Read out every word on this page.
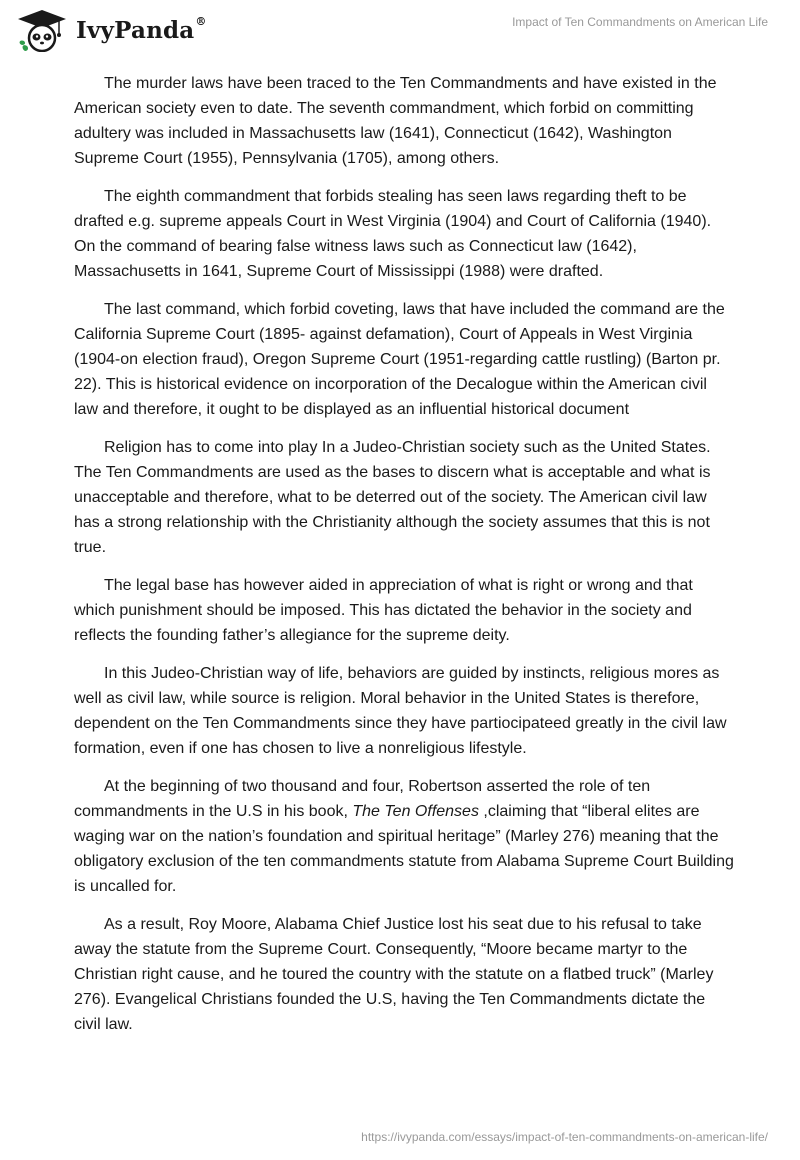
IvyPanda®	Impact of Ten Commandments on American Life

The murder laws have been traced to the Ten Commandments and have existed in the American society even to date. The seventh commandment, which forbid on committing adultery was included in Massachusetts law (1641), Connecticut (1642), Washington Supreme Court (1955), Pennsylvania (1705), among others.

The eighth commandment that forbids stealing has seen laws regarding theft to be drafted e.g. supreme appeals Court in West Virginia (1904) and Court of California (1940). On the command of bearing false witness laws such as Connecticut law (1642), Massachusetts in 1641, Supreme Court of Mississippi (1988) were drafted.

The last command, which forbid coveting, laws that have included the command are the California Supreme Court (1895- against defamation), Court of Appeals in West Virginia (1904-on election fraud), Oregon Supreme Court (1951-regarding cattle rustling) (Barton pr. 22). This is historical evidence on incorporation of the Decalogue within the American civil law and therefore, it ought to be displayed as an influential historical document

Religion has to come into play In a Judeo-Christian society such as the United States. The Ten Commandments are used as the bases to discern what is acceptable and what is unacceptable and therefore, what to be deterred out of the society. The American civil law has a strong relationship with the Christianity although the society assumes that this is not true.

The legal base has however aided in appreciation of what is right or wrong and that which punishment should be imposed. This has dictated the behavior in the society and reflects the founding father’s allegiance for the supreme deity.

In this Judeo-Christian way of life, behaviors are guided by instincts, religious mores as well as civil law, while source is religion. Moral behavior in the United States is therefore, dependent on the Ten Commandments since they have partiocipateed greatly in the civil law formation, even if one has chosen to live a nonreligious lifestyle.

At the beginning of two thousand and four, Robertson asserted the role of ten commandments in the U.S in his book, The Ten Offenses ,claiming that “liberal elites are waging war on the nation’s foundation and spiritual heritage” (Marley 276) meaning that the obligatory exclusion of the ten commandments statute from Alabama Supreme Court Building is uncalled for.

As a result, Roy Moore, Alabama Chief Justice lost his seat due to his refusal to take away the statute from the Supreme Court. Consequently, “Moore became martyr to the Christian right cause, and he toured the country with the statute on a flatbed truck” (Marley 276). Evangelical Christians founded the U.S, having the Ten Commandments dictate the civil law.

https://ivypanda.com/essays/impact-of-ten-commandments-on-american-life/
